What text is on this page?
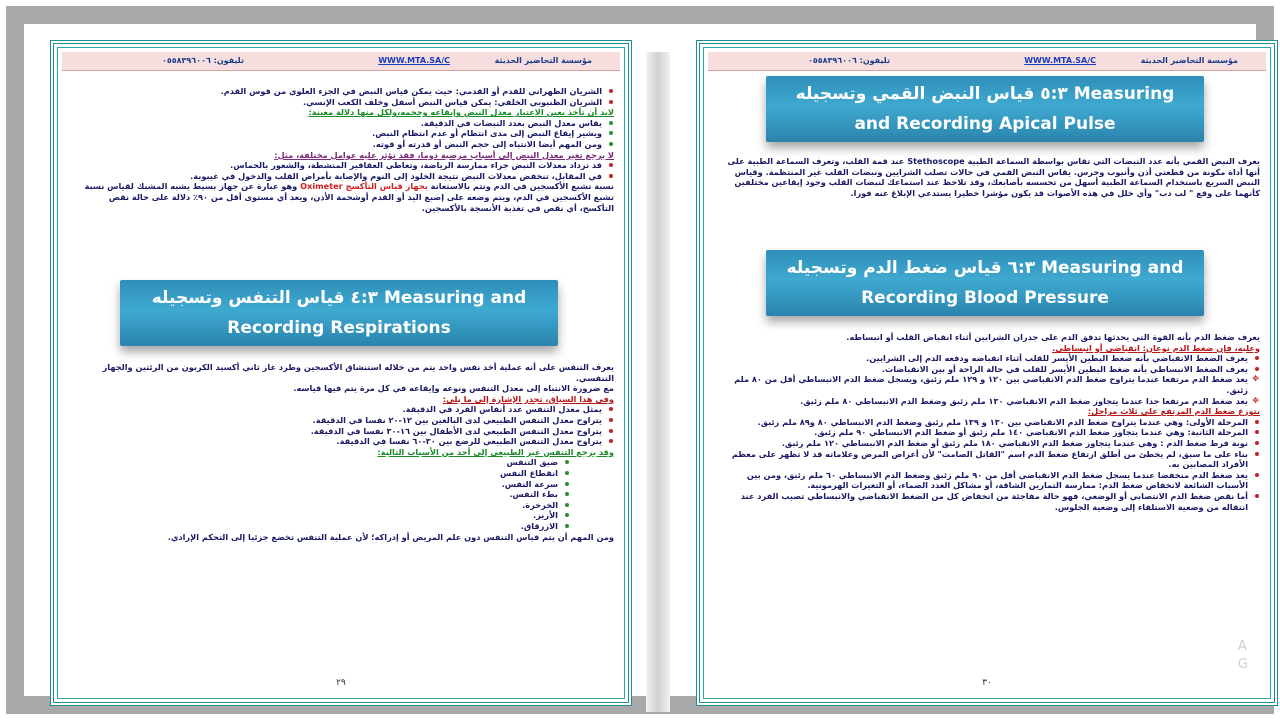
مؤسسة التحاضير الحديثة
WWW.MTA.SA/C
تليفون: ٠٥٥٨٣٩٦٠٠٦
الشريان الظهراني للقدم أو القدمي: حيث يمكن قياس النبض في الجزء العلوي من قوس القدم.
الشريان الظنبوبي الخلفي: يمكن قياس النبض أسفل وخلف الكعب الإنسي.

لابد أن تأخذ بعين الاعتبار معدل النبض وإيقاعه وحجمه،ولكل منها دلالة معينة:

يقاس معدل النبض بعدد النبضات في الدقيقة.
ويشير إيقاع النبض إلى مدى انتظام أو عدم انتظام النبض.
ومن المهم أيضا الانتباه إلى حجم النبض أو قدرته أو قوته.

لا يرجع تغير معدل النبض إلى أسباب مرضية دوما، فقد تؤثر عليه عوامل مختلفة، مثل:

قد تزداد معدلات النبض جراء ممارسة الرياضة، وتعاطي العقاقير المنشطة، والشعور بالحماس.
في المقابل، تنخفض معدلات النبض نتيجة الخلود إلى النوم والإصابة بأمراض القلب والدخول في غيبوبة.

نسبة تشبع الأكسجين في الدم وتتم بالاستعانة بجهاز قياس التأكسج Oximeter وهو عبارة عن جهاز بسيط يشبه المشبك لقياس نسبة تشبع الأكسجين في الدم، ويتم وضعه على إصبع اليد أو القدم أوشحمة الأذن، ويعد أي مستوى أقل من ٩٠٪ دلالة على حالة نقص التأكسج، أي نقص في تغذية الأنسجة بالأكسجين.

٤:٣ قياس التنفس وتسجيله Measuring and
Recording Respirations

يعرف التنفس على أنه عملية أخذ نفس واحد يتم من خلاله استنشاق الأكسجين وطرد غاز ثاني أكسيد الكربون من الرئتين والجهاز التنفسي.

مع ضرورة الانتباه إلى معدل التنفس ونوعه وإيقاعه في كل مرة يتم فيها قياسه.

وفي هذا السياق، تجدر الإشارة إلى ما يلي:

يمثل معدل التنفس عدد أنفاس الفرد في الدقيقة.
يتراوح معدل التنفس الطبيعي لدى البالغين بين ١٢-٢٠ نفسا في الدقيقة.
يتراوح معدل التنفس الطبيعي لدى الأطفال بين ١٦-٣٠ نفسا في الدقيقة.
يتراوح معدل التنفس الطبيعي للرضع بين ٣٠-٦٠ نفسا في الدقيقة.

وقد يرجع التنفس غير الطبيعي إلى أحد من الأسباب التالية:

ضيق التنفس
انقطاع النفس
سرعة النفس.
بطء النفس.
الخرخرة.
الأزيز.
الازرقاق.

ومن المهم أن يتم قياس التنفس دون علم المريض أو إدراكه؛ لأن عملية التنفس تخضع جزئيا إلى التحكم الإرادي.

٢٩
مؤسسة التحاضير الحديثة
WWW.MTA.SA/C
تليفون: ٠٥٥٨٣٩٦٠٠٦
٥:٣ قياس النبض القمي وتسجيله Measuring
and Recording Apical Pulse

يعرف النبض القمي بأنه عدد النبضات التي تقاس بواسطة السماعة الطبية Stethoscope عند قمة القلب، وتعرف السماعة الطبية على أنها أداة مكونة من قطعتي أذن وأنبوب وجرس. يقاس النبض القمي في حالات تصلب الشرايين ونبضات القلب غير المنتظمة. وقياس النبض السريع باستخدام السماعة الطبية أسهل من تحسسه بأصابعك، وقد تلاحظ عند استماعك لنبضات القلب وجود إيقاعين مختلفين كأنهما على وقع " لب دب" وأي خلل في هذه الأصوات قد يكون مؤشرا خطيرا يستدعي الإبلاغ عنه فورا.

٦:٣ قياس ضغط الدم وتسجيله Measuring and
Recording Blood Pressure

يعرف ضغط الدم بأنه القوة التي يحدثها تدفق الدم على جدران الشرايين أثناء انقباض القلب أو انبساطه.

وعليه، فإن ضغط الدم نوعان: انقباضي أو انبساطي.

يعرف الضغط الانقباضي بأنه ضغط البطين الأيسر للقلب أثناء انقباضه ودفعه الدم إلى الشرايين.
يعرف الضغط الانبساطي بأنه ضغط البطين الأيسر للقلب في حالة الراحة أو بين الانقباضات.
✥ يعد ضغط الدم مرتفعا عندما يتراوح ضغط الدم الانقباضي بين ١٢٠ و ١٢٩ ملم زئبق، ويسجل ضغط الدم الانبساطي أقل من ٨٠ ملم زئبق.
✥ يعد ضغط الدم مرتفعا جدا عندما يتجاوز ضغط الدم الانقباضي ١٣٠ ملم زئبق وضغط الدم الانبساطي ٨٠ ملم زئبق.

يتوزع ضغط الدم المرتفع على ثلاث مراحل:

المرحلة الأولى: وهي عندما يتراوح ضغط الدم الانقباضي بين ١٣٠ و ١٣٩ ملم زئبق وضغط الدم الانبساطي ٨٠ و٨٩ ملم زئبق.
المرحلة الثانية: وهي عندما يتجاوز ضغط الدم الانقباضي ١٤٠ ملم زئبق أو ضغط الدم الانبساطي ٩٠ ملم زئبق.
نوبة فرط ضغط الدم : وهي عندما يتجاوز ضغط الدم الانقباضي ١٨٠ ملم زئبق أو ضغط الدم الانبساطي ١٢٠ ملم زئبق.
بناء على ما سبق، لم يخطئ من أطلق ارتفاع ضغط الدم اسم "القاتل الصامت" لأن أعراض المرض وعلاماته قد لا تظهر على معظم الأفراد المصابين به.
يعد ضغط الدم منخفضا عندما يسجل ضغط الدم الانقباضي أقل من ٩٠ ملم زئبق وضغط الدم الانبساطي ٦٠ ملم زئبق، ومن بين الأسباب الشائعة لانخفاض ضغط الدم: ممارسة التمارين الشاقة، أو مشاكل الغدد الصماء، أو التغيرات الهرمونية.
أما نقص ضغط الدم الانتصابي أو الوضعي، فهو حالة مفاجئة من انخفاض كل من الضغط الانقباضي والانبساطي تصيب الفرد عند انتقاله من وضعية الاستلقاء إلى وضعية الجلوس.
٣٠
A
G
